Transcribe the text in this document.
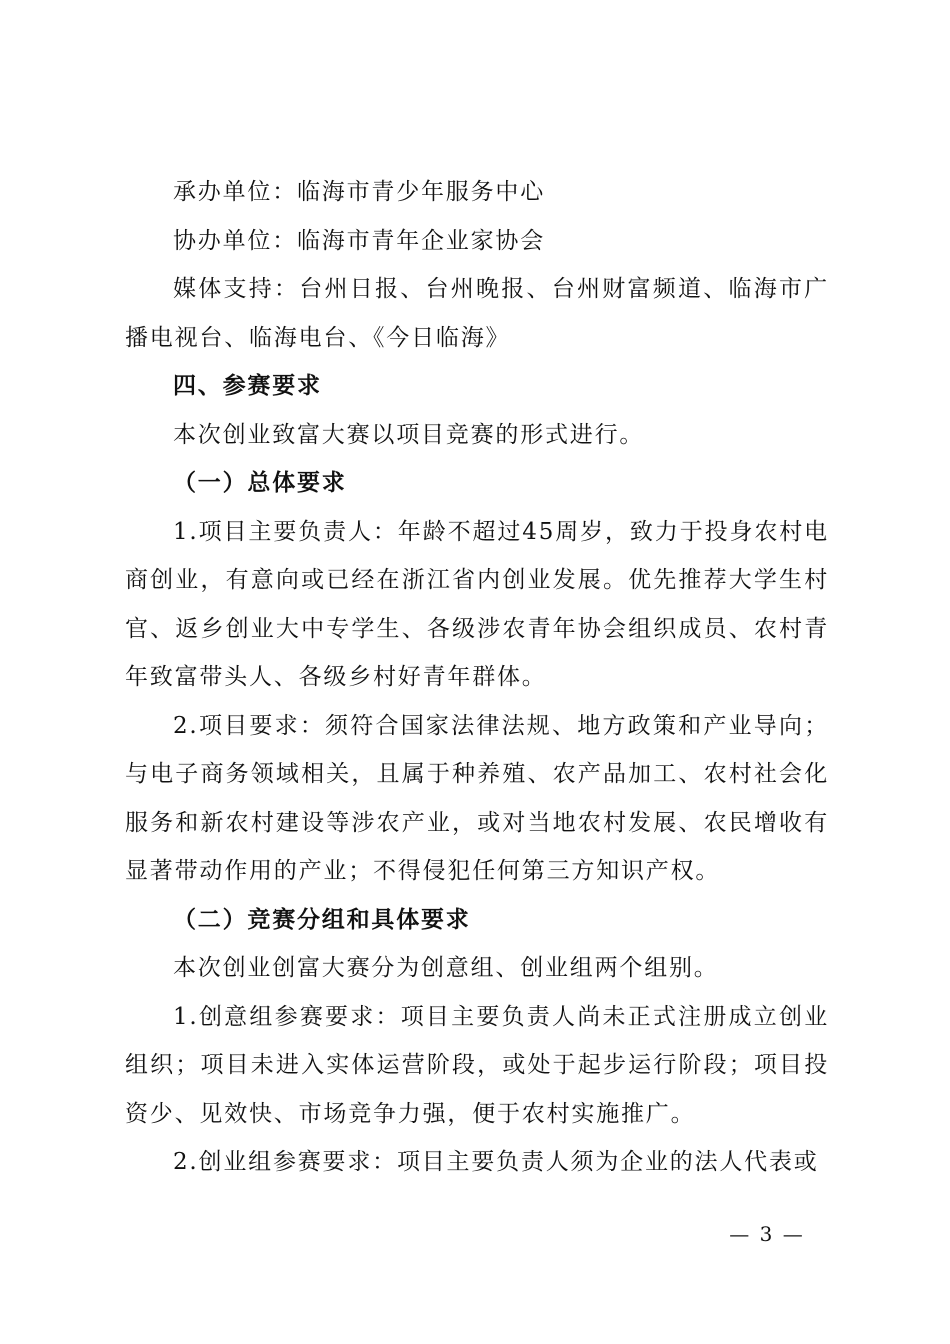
承办单位：临海市青少年服务中心

协办单位：临海市青年企业家协会

媒体支持：台州日报、台州晚报、台州财富频道、临海市广播电视台、临海电台、《今日临海》

四、参赛要求

本次创业致富大赛以项目竞赛的形式进行。

（一）总体要求

1.项目主要负责人：年龄不超过45周岁，致力于投身农村电商创业，有意向或已经在浙江省内创业发展。优先推荐大学生村官、返乡创业大中专学生、各级涉农青年协会组织成员、农村青年致富带头人、各级乡村好青年群体。

2.项目要求：须符合国家法律法规、地方政策和产业导向；与电子商务领域相关，且属于种养殖、农产品加工、农村社会化服务和新农村建设等涉农产业，或对当地农村发展、农民增收有显著带动作用的产业；不得侵犯任何第三方知识产权。

（二）竞赛分组和具体要求

本次创业创富大赛分为创意组、创业组两个组别。

1.创意组参赛要求：项目主要负责人尚未正式注册成立创业组织；项目未进入实体运营阶段，或处于起步运行阶段；项目投资少、见效快、市场竞争力强，便于农村实施推广。

2.创业组参赛要求：项目主要负责人须为企业的法人代表或

— 3 —
